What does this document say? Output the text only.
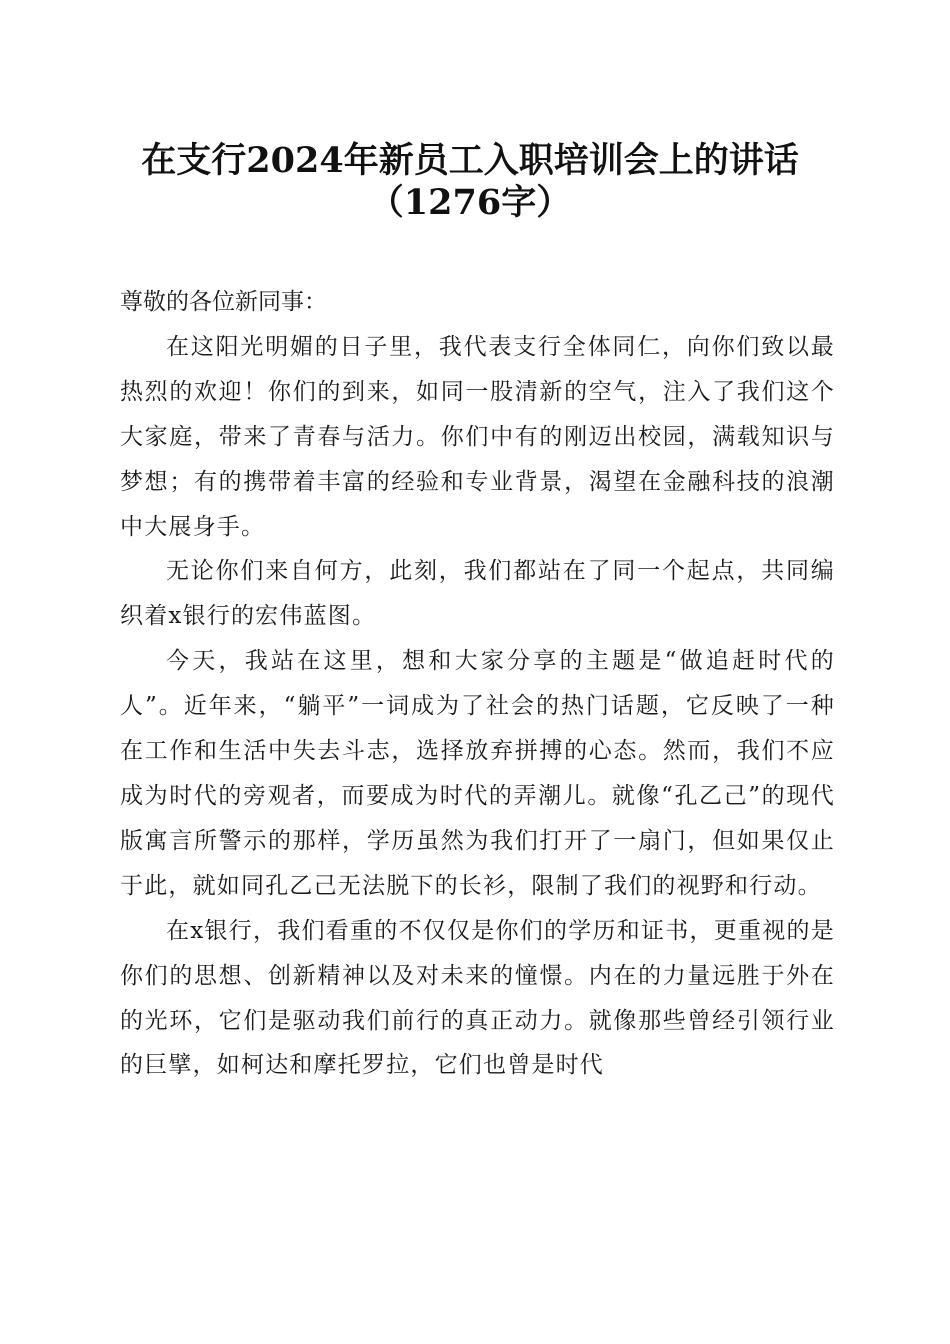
在支行2024年新员工入职培训会上的讲话
（1276字）

尊敬的各位新同事：

在这阳光明媚的日子里，我代表支行全体同仁，向你们致以最热烈的欢迎！你们的到来，如同一股清新的空气，注入了我们这个大家庭，带来了青春与活力。你们中有的刚迈出校园，满载知识与梦想；有的携带着丰富的经验和专业背景，渴望在金融科技的浪潮中大展身手。

无论你们来自何方，此刻，我们都站在了同一个起点，共同编织着x银行的宏伟蓝图。

今天，我站在这里，想和大家分享的主题是“做追赶时代的人”。近年来，“躺平”一词成为了社会的热门话题，它反映了一种在工作和生活中失去斗志，选择放弃拼搏的心态。然而，我们不应成为时代的旁观者，而要成为时代的弄潮儿。就像“孔乙己”的现代版寓言所警示的那样，学历虽然为我们打开了一扇门，但如果仅止于此，就如同孔乙己无法脱下的长衫，限制了我们的视野和行动。

在x银行，我们看重的不仅仅是你们的学历和证书，更重视的是你们的思想、创新精神以及对未来的憧憬。内在的力量远胜于外在的光环，它们是驱动我们前行的真正动力。就像那些曾经引领行业的巨擘，如柯达和摩托罗拉，它们也曾是时代
